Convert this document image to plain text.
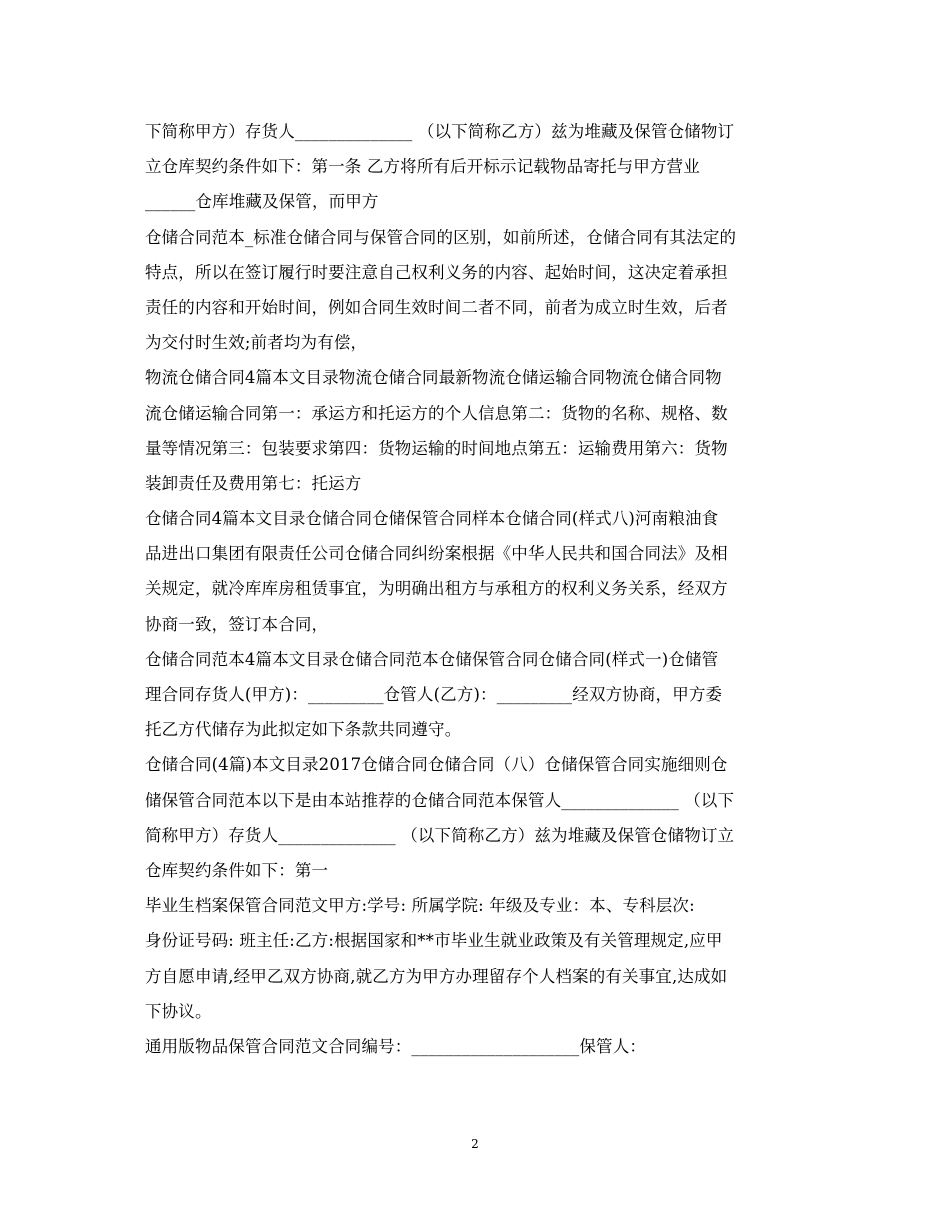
下简称甲方）存货人______________ （以下简称乙方）兹为堆藏及保管仓储物订
立仓库契约条件如下：第一条 乙方将所有后开标示记载物品寄托与甲方营业
______仓库堆藏及保管，而甲方
仓储合同范本_标准仓储合同与保管合同的区别，如前所述，仓储合同有其法定的
特点，所以在签订履行时要注意自己权利义务的内容、起始时间，这决定着承担
责任的内容和开始时间，例如合同生效时间二者不同，前者为成立时生效，后者
为交付时生效;前者均为有偿，
物流仓储合同4篇本文目录物流仓储合同最新物流仓储运输合同物流仓储合同物
流仓储运输合同第一：承运方和托运方的个人信息第二：货物的名称、规格、数
量等情况第三：包装要求第四：货物运输的时间地点第五：运输费用第六：货物
装卸责任及费用第七：托运方
仓储合同4篇本文目录仓储合同仓储保管合同样本仓储合同(样式八)河南粮油食
品进出口集团有限责任公司仓储合同纠纷案根据《中华人民共和国合同法》及相
关规定，就冷库库房租赁事宜，为明确出租方与承租方的权利义务关系，经双方
协商一致，签订本合同，
仓储合同范本4篇本文目录仓储合同范本仓储保管合同仓储合同(样式一)仓储管
理合同存货人(甲方)：_________仓管人(乙方)：_________经双方协商，甲方委
托乙方代储存为此拟定如下条款共同遵守。
仓储合同(4篇)本文目录2017仓储合同仓储合同（八）仓储保管合同实施细则仓
储保管合同范本以下是由本站推荐的仓储合同范本保管人______________ （以下
简称甲方）存货人______________ （以下简称乙方）兹为堆藏及保管仓储物订立
仓库契约条件如下：第一
毕业生档案保管合同范文甲方:学号: 所属学院: 年级及专业：本、专科层次:
身份证号码: 班主任:乙方:根据国家和**市毕业生就业政策及有关管理规定,应甲
方自愿申请,经甲乙双方协商,就乙方为甲方办理留存个人档案的有关事宜,达成如
下协议。
通用版物品保管合同范文合同编号：____________________保管人：
2
